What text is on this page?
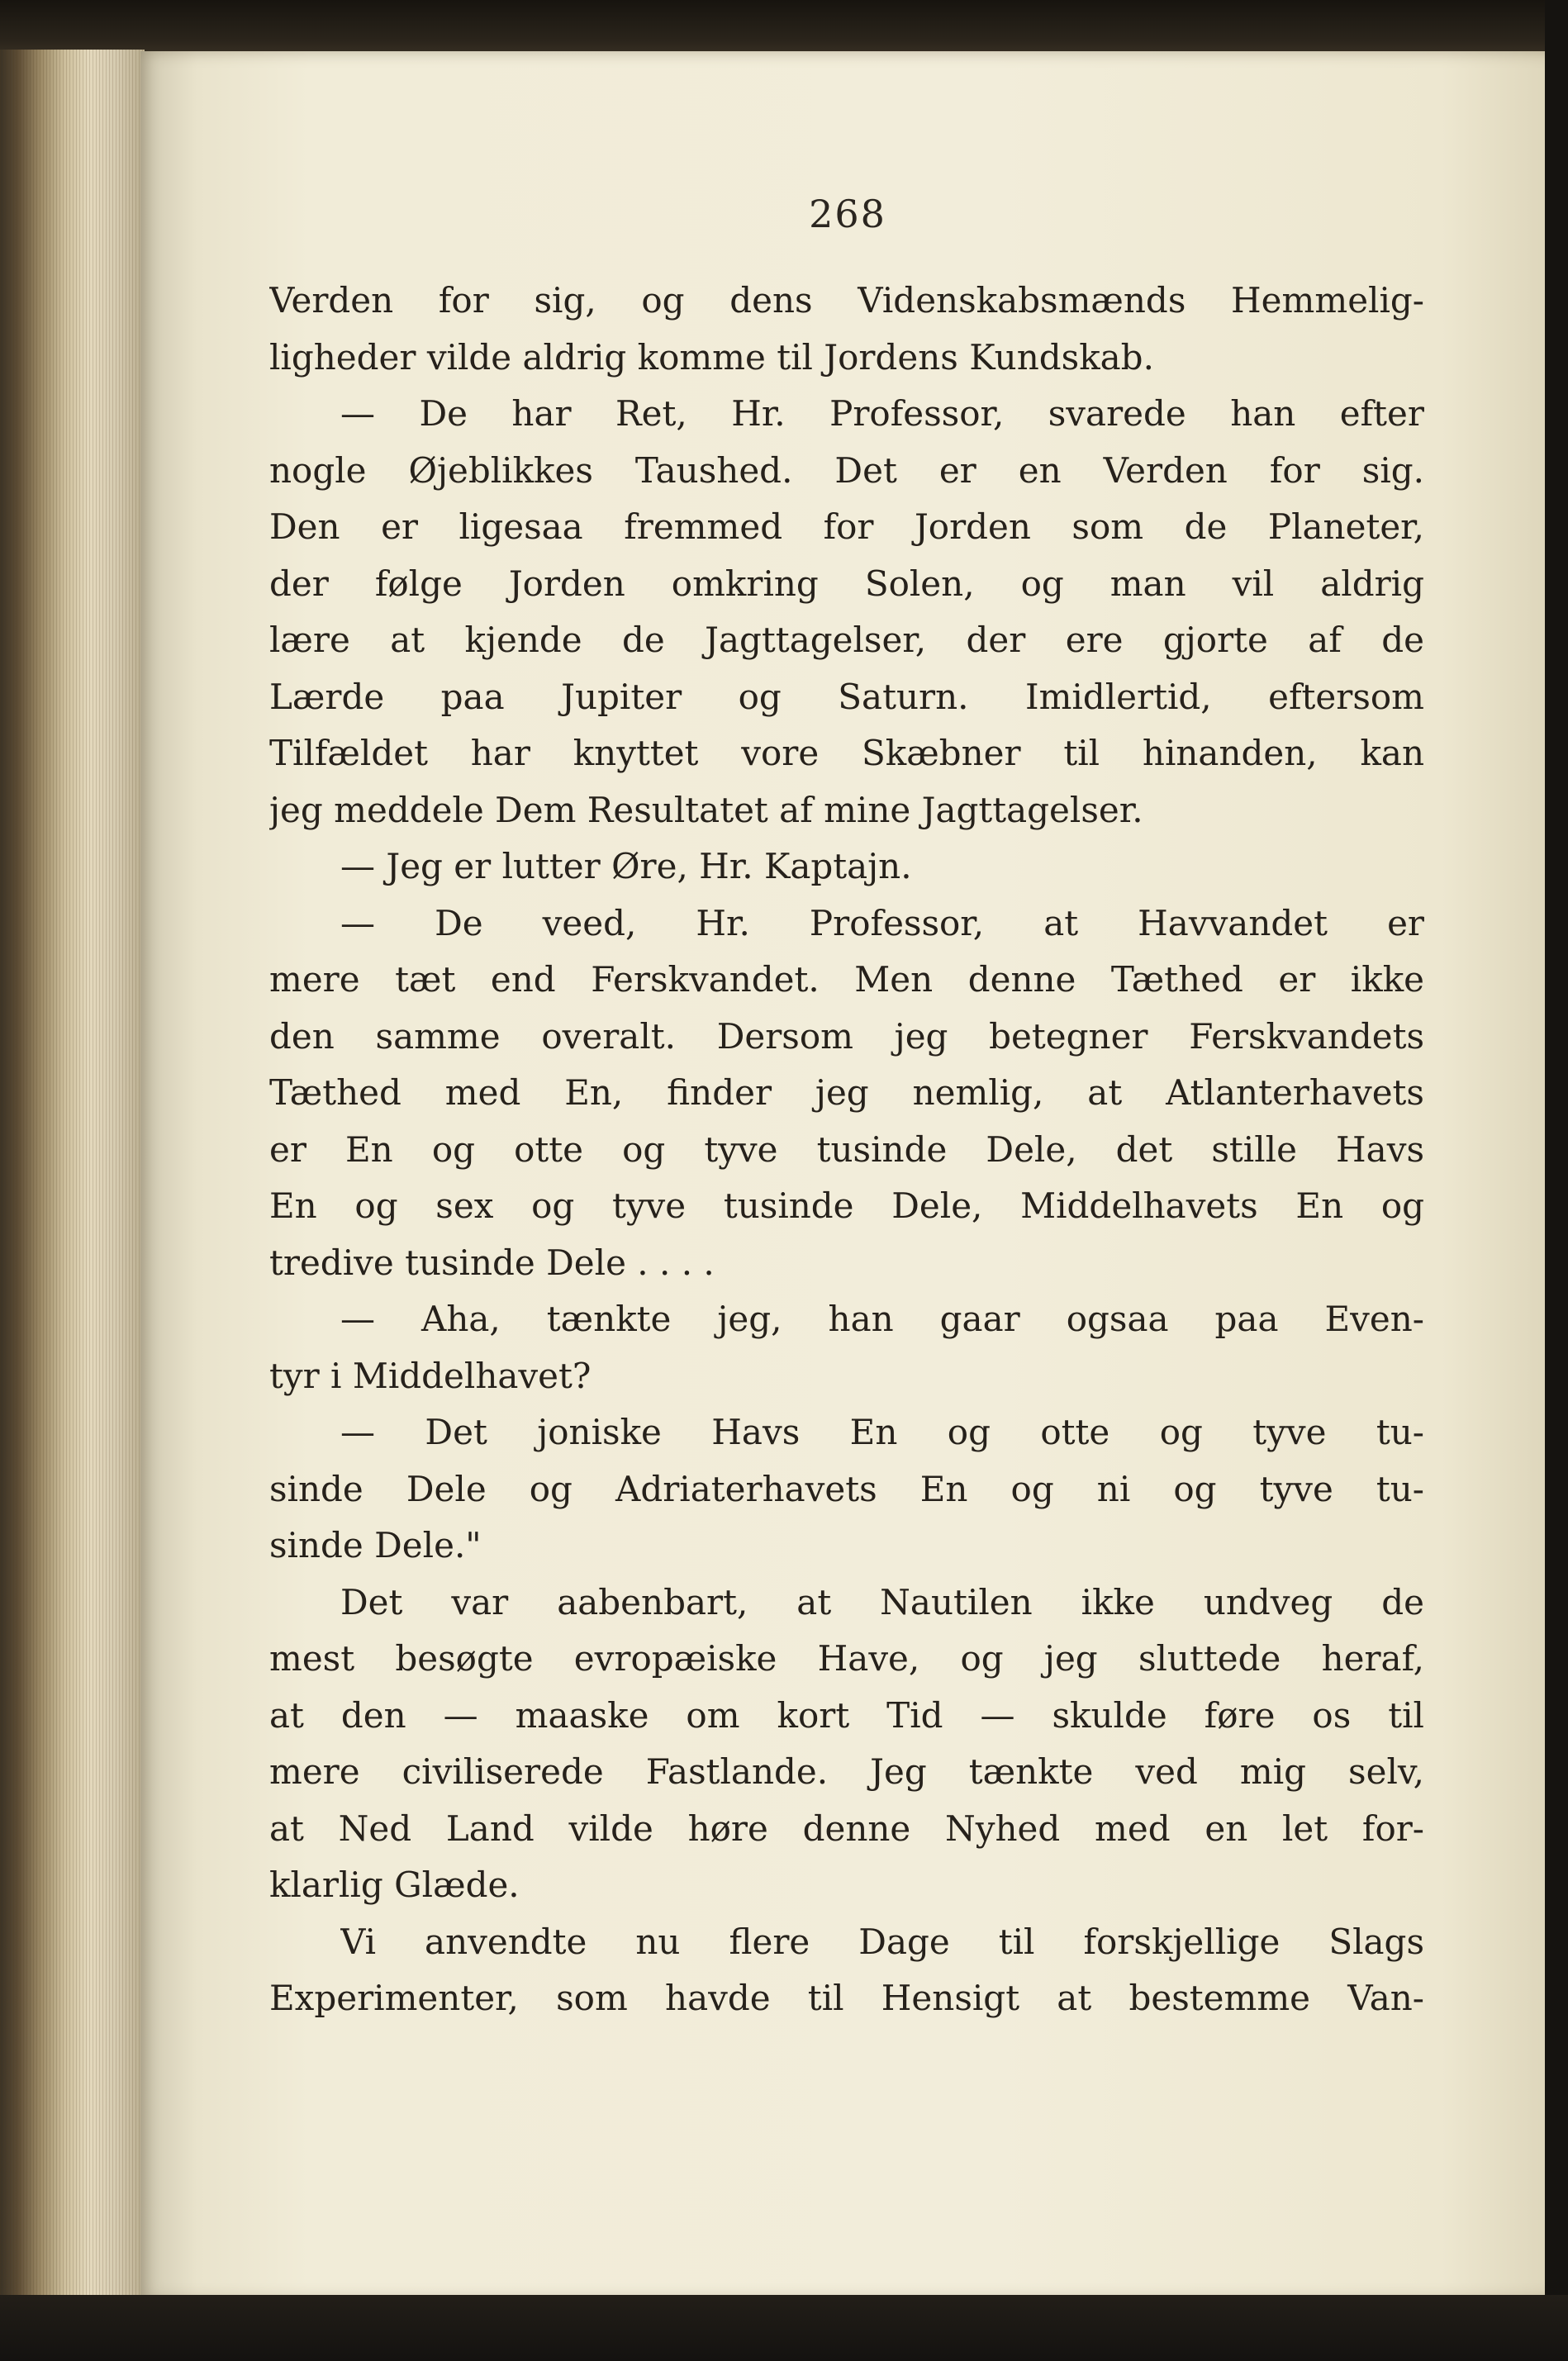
268
Verden for sig, og dens Videnskabsmænds Hemmelig-
ligheder vilde aldrig komme til Jordens Kundskab.
— De har Ret, Hr. Professor, svarede han efter
nogle Øjeblikkes Taushed. Det er en Verden for sig.
Den er ligesaa fremmed for Jorden som de Planeter,
der følge Jorden omkring Solen, og man vil aldrig
lære at kjende de Jagttagelser, der ere gjorte af de
Lærde paa Jupiter og Saturn. Imidlertid, eftersom
Tilfældet har knyttet vore Skæbner til hinanden, kan
jeg meddele Dem Resultatet af mine Jagttagelser.
— Jeg er lutter Øre, Hr. Kaptajn.
— De veed, Hr. Professor, at Havvandet er
mere tæt end Ferskvandet. Men denne Tæthed er ikke
den samme overalt. Dersom jeg betegner Ferskvandets
Tæthed med En, finder jeg nemlig, at Atlanterhavets
er En og otte og tyve tusinde Dele, det stille Havs
En og sex og tyve tusinde Dele, Middelhavets En og
tredive tusinde Dele . . . .
— Aha, tænkte jeg, han gaar ogsaa paa Even-
tyr i Middelhavet?
— Det joniske Havs En og otte og tyve tu-
sinde Dele og Adriaterhavets En og ni og tyve tu-
sinde Dele."
Det var aabenbart, at Nautilen ikke undveg de
mest besøgte evropæiske Have, og jeg sluttede heraf,
at den — maaske om kort Tid — skulde føre os til
mere civiliserede Fastlande. Jeg tænkte ved mig selv,
at Ned Land vilde høre denne Nyhed med en let for-
klarlig Glæde.
Vi anvendte nu flere Dage til forskjellige Slags
Experimenter, som havde til Hensigt at bestemme Van-
